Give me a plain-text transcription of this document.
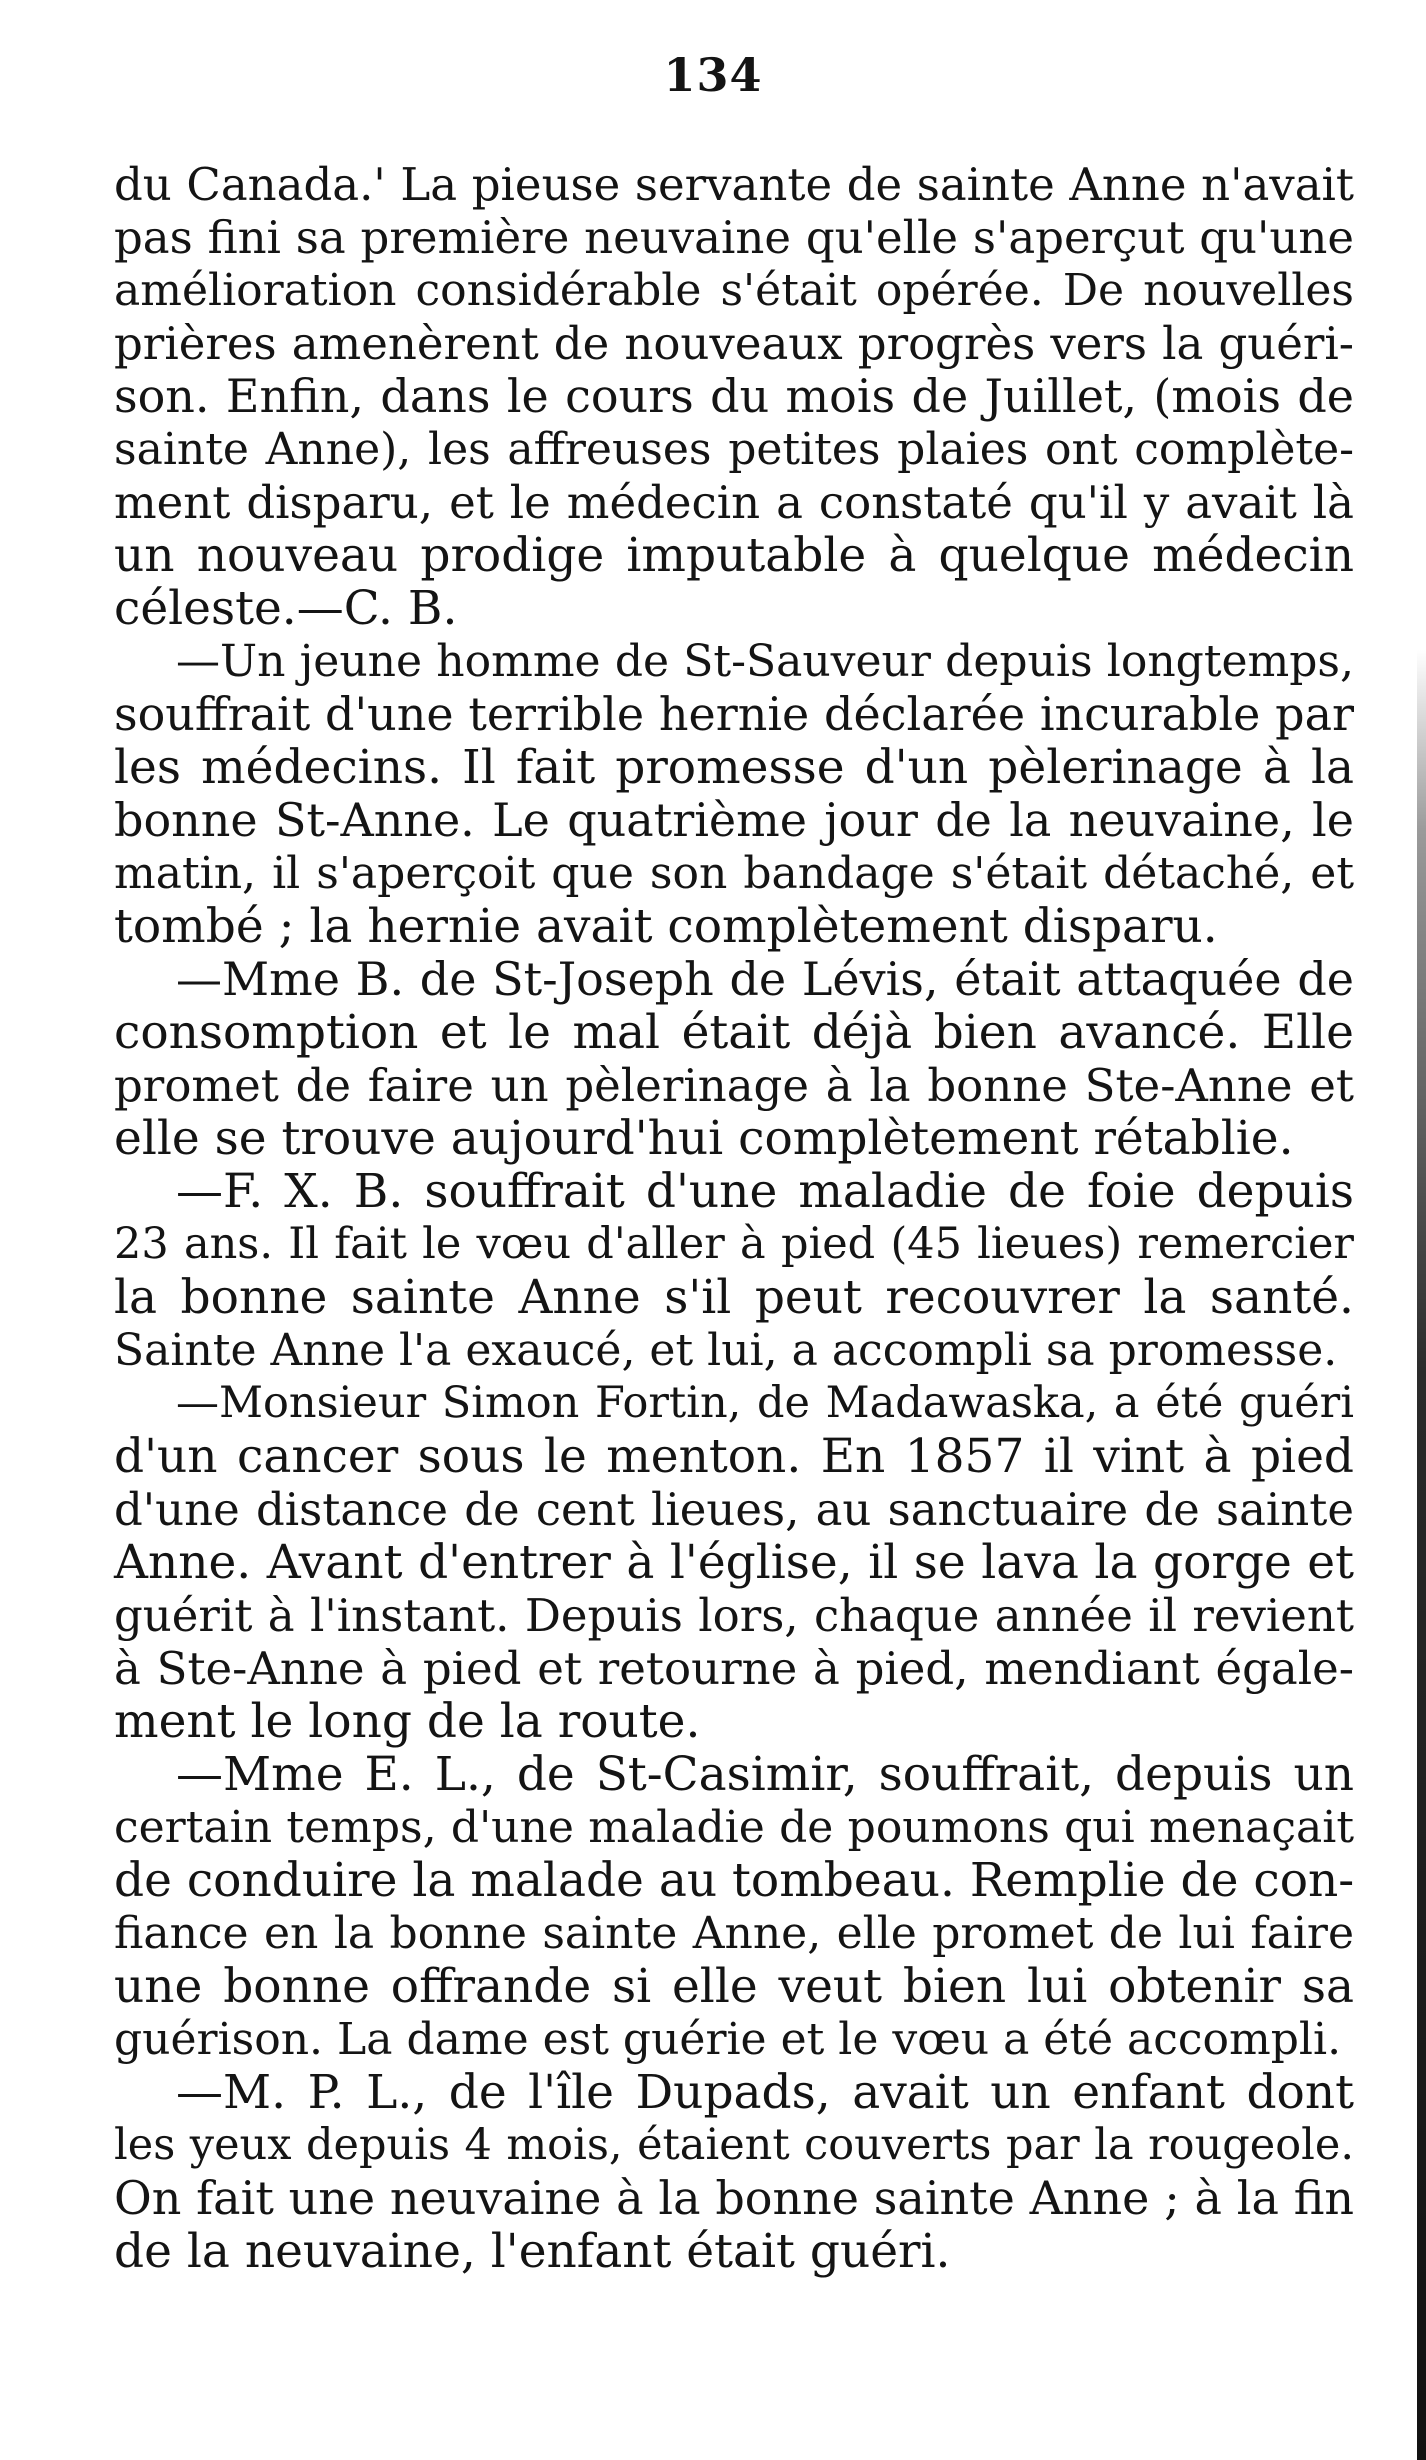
134
du Canada.' La pieuse servante de sainte Anne n'avait
pas fini sa première neuvaine qu'elle s'aperçut qu'une
amélioration considérable s'était opérée. De nouvelles
prières amenèrent de nouveaux progrès vers la guéri-
son. Enfin, dans le cours du mois de Juillet, (mois de
sainte Anne), les affreuses petites plaies ont complète-
ment disparu, et le médecin a constaté qu'il y avait là
un nouveau prodige imputable à quelque médecin
céleste.—C. B.
—Un jeune homme de St-Sauveur depuis longtemps,
souffrait d'une terrible hernie déclarée incurable par
les médecins. Il fait promesse d'un pèlerinage à la
bonne St-Anne. Le quatrième jour de la neuvaine, le
matin, il s'aperçoit que son bandage s'était détaché, et
tombé ; la hernie avait complètement disparu.
—Mme B. de St-Joseph de Lévis, était attaquée de
consomption et le mal était déjà bien avancé. Elle
promet de faire un pèlerinage à la bonne Ste-Anne et
elle se trouve aujourd'hui complètement rétablie.
—F. X. B. souffrait d'une maladie de foie depuis
23 ans. Il fait le vœu d'aller à pied (45 lieues) remercier
la bonne sainte Anne s'il peut recouvrer la santé.
Sainte Anne l'a exaucé, et lui, a accompli sa promesse.
—Monsieur Simon Fortin, de Madawaska, a été guéri
d'un cancer sous le menton. En 1857 il vint à pied
d'une distance de cent lieues, au sanctuaire de sainte
Anne. Avant d'entrer à l'église, il se lava la gorge et
guérit à l'instant. Depuis lors, chaque année il revient
à Ste-Anne à pied et retourne à pied, mendiant égale-
ment le long de la route.
—Mme E. L., de St-Casimir, souffrait, depuis un
certain temps, d'une maladie de poumons qui menaçait
de conduire la malade au tombeau. Remplie de con-
fiance en la bonne sainte Anne, elle promet de lui faire
une bonne offrande si elle veut bien lui obtenir sa
guérison. La dame est guérie et le vœu a été accompli.
—M. P. L., de l'île Dupads, avait un enfant dont
les yeux depuis 4 mois, étaient couverts par la rougeole.
On fait une neuvaine à la bonne sainte Anne ; à la fin
de la neuvaine, l'enfant était guéri.
